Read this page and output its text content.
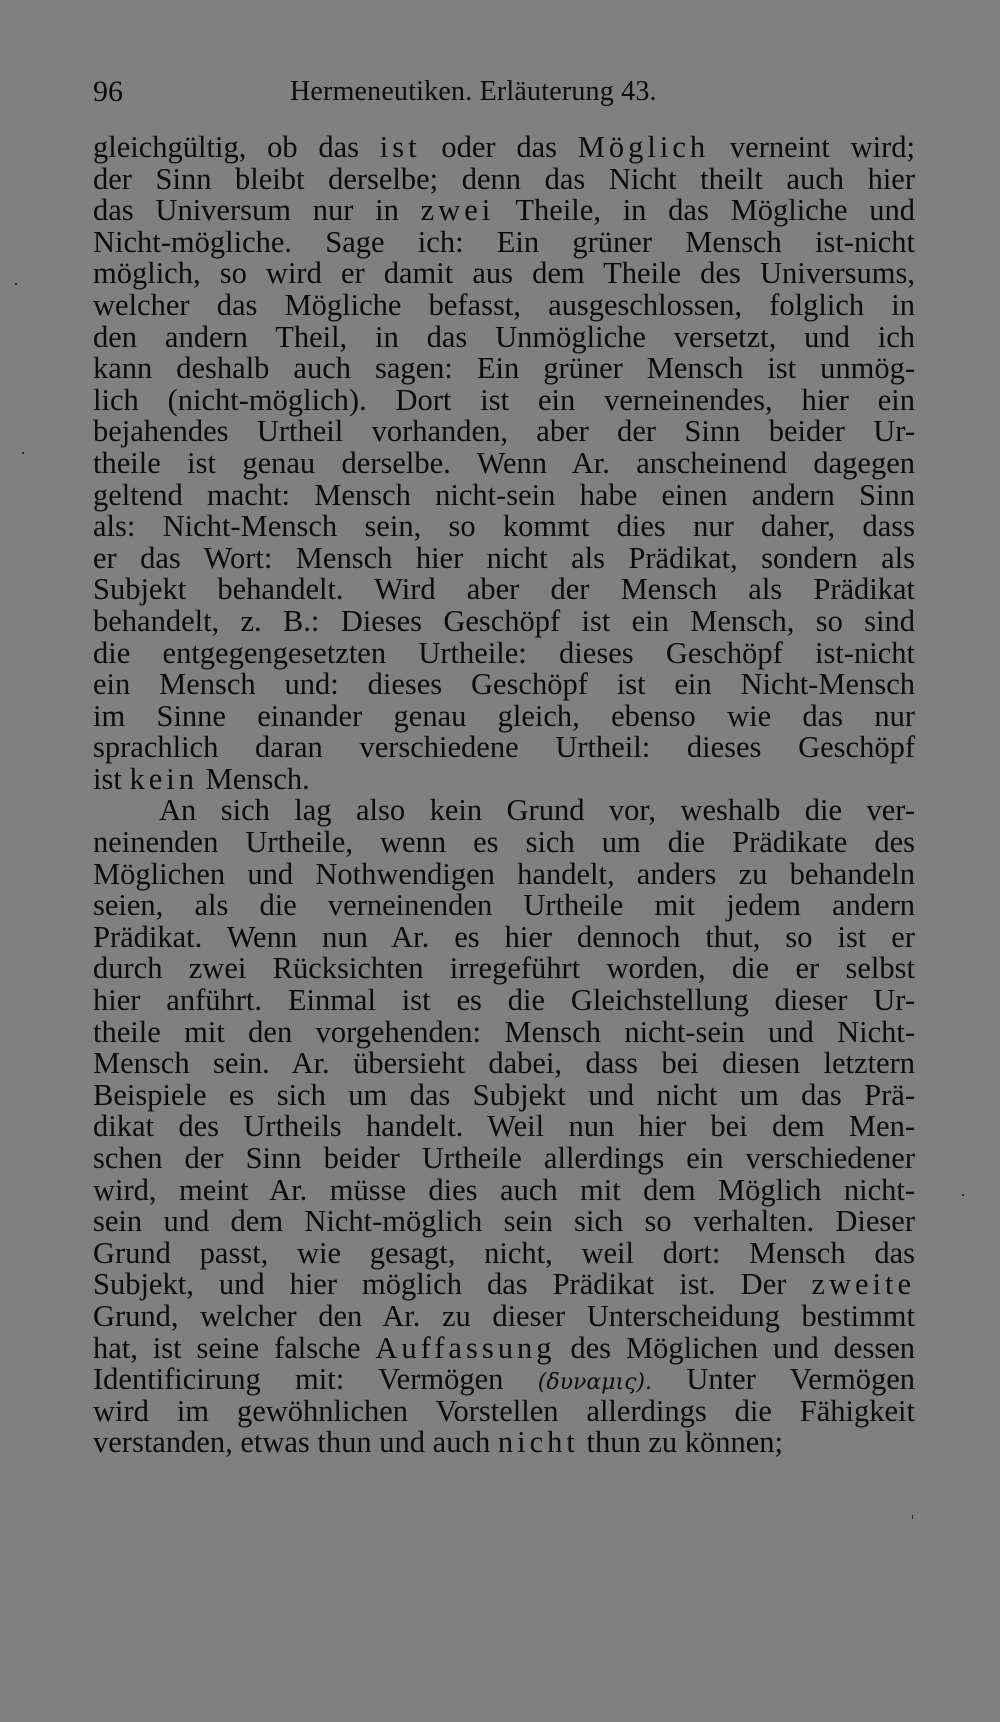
96	Hermeneutiken. Erläuterung 43.
gleichgültig, ob das ist oder das Möglich verneint wird;
der Sinn bleibt derselbe; denn das Nicht theilt auch hier
das Universum nur in zwei Theile, in das Mögliche und
Nicht-mögliche. Sage ich: Ein grüner Mensch ist-nicht
möglich, so wird er damit aus dem Theile des Universums,
welcher das Mögliche befasst, ausgeschlossen, folglich in
den andern Theil, in das Unmögliche versetzt, und ich
kann deshalb auch sagen: Ein grüner Mensch ist unmög-
lich (nicht-möglich). Dort ist ein verneinendes, hier ein
bejahendes Urtheil vorhanden, aber der Sinn beider Ur-
theile ist genau derselbe. Wenn Ar. anscheinend dagegen
geltend macht: Mensch nicht-sein habe einen andern Sinn
als: Nicht-Mensch sein, so kommt dies nur daher, dass
er das Wort: Mensch hier nicht als Prädikat, sondern als
Subjekt behandelt. Wird aber der Mensch als Prädikat
behandelt, z. B.: Dieses Geschöpf ist ein Mensch, so sind
die entgegengesetzten Urtheile: dieses Geschöpf ist-nicht
ein Mensch und: dieses Geschöpf ist ein Nicht-Mensch
im Sinne einander genau gleich, ebenso wie das nur
sprachlich daran verschiedene Urtheil: dieses Geschöpf
ist kein Mensch.
An sich lag also kein Grund vor, weshalb die ver-
neinenden Urtheile, wenn es sich um die Prädikate des
Möglichen und Nothwendigen handelt, anders zu behandeln
seien, als die verneinenden Urtheile mit jedem andern
Prädikat. Wenn nun Ar. es hier dennoch thut, so ist er
durch zwei Rücksichten irregeführt worden, die er selbst
hier anführt. Einmal ist es die Gleichstellung dieser Ur-
theile mit den vorgehenden: Mensch nicht-sein und Nicht-
Mensch sein. Ar. übersieht dabei, dass bei diesen letztern
Beispiele es sich um das Subjekt und nicht um das Prä-
dikat des Urtheils handelt. Weil nun hier bei dem Men-
schen der Sinn beider Urtheile allerdings ein verschiedener
wird, meint Ar. müsse dies auch mit dem Möglich nicht-
sein und dem Nicht-möglich sein sich so verhalten. Dieser
Grund passt, wie gesagt, nicht, weil dort: Mensch das
Subjekt, und hier möglich das Prädikat ist. Der zweite
Grund, welcher den Ar. zu dieser Unterscheidung bestimmt
hat, ist seine falsche Auffassung des Möglichen und dessen
Identificirung mit: Vermögen (δυναμις). Unter Vermögen
wird im gewöhnlichen Vorstellen allerdings die Fähigkeit
verstanden, etwas thun und auch nicht thun zu können;
